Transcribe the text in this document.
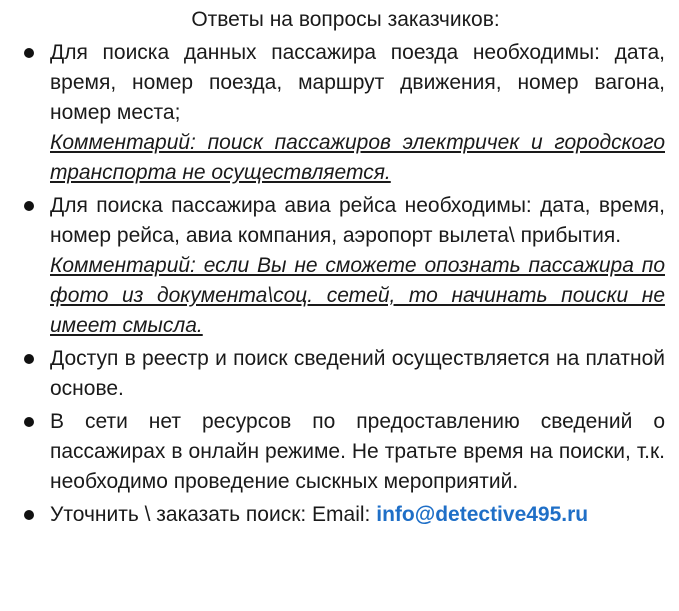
Ответы на вопросы заказчиков:
Для поиска данных пассажира поезда необходимы: дата, время, номер поезда, маршрут движения, номер вагона, номер места;
Комментарий: поиск пассажиров электричек и городского транспорта не осуществляется.
Для поиска пассажира авиа рейса необходимы: дата, время, номер рейса, авиа компания, аэропорт вылета\ прибытия.
Комментарий: если Вы не сможете опознать пассажира по фото из документа\соц. сетей, то начинать поиски не имеет смысла.
Доступ в реестр и поиск сведений осуществляется на платной основе.
В сети нет ресурсов по предоставлению сведений о пассажирах в онлайн режиме. Не тратьте время на поиски, т.к. необходимо проведение сыскных мероприятий.
Уточнить \ заказать поиск: Email: info@detective495.ru
